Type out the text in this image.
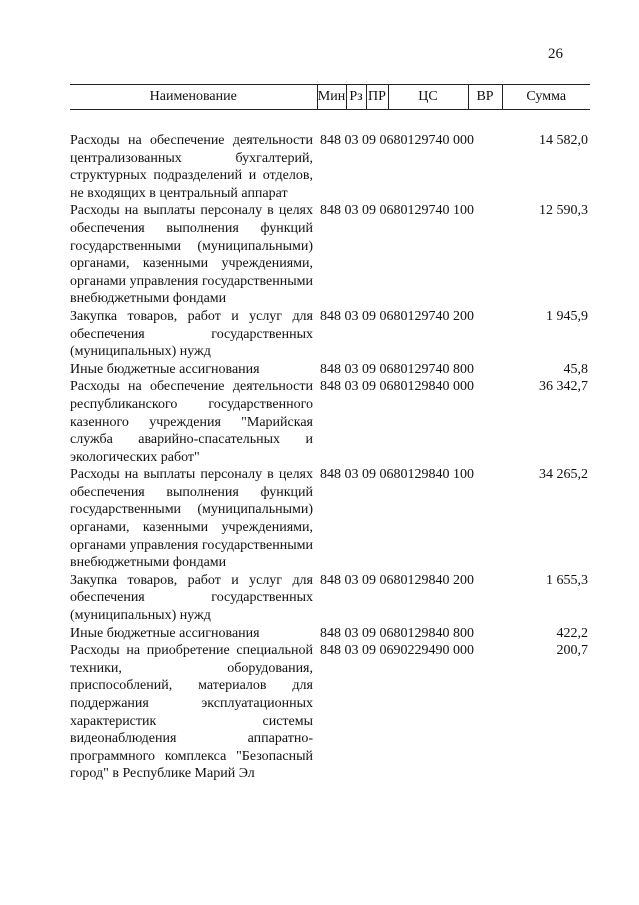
26
Наименование	Мин	Рз	ПР	ЦС	ВР	Сумма

Расходы на обеспечение деятельности централизованных бухгалтерий, структурных подразделений и отделов, не входящих в центральный аппарат	848 03 09 0680129740 000					14 582,0
Расходы на выплаты персоналу в целях обеспечения выполнения функций государственными (муниципальными) органами, казенными учреждениями, органами управления государственными внебюджетными фондами	848 03 09 0680129740 100					12 590,3
Закупка товаров, работ и услуг для обеспечения государственных (муниципальных) нужд	848 03 09 0680129740 200					1 945,9
Иные бюджетные ассигнования	848 03 09 0680129740 800					45,8
Расходы на обеспечение деятельности республиканского государственного казенного учреждения "Марийская служба аварийно-спасательных и экологических работ"	848 03 09 0680129840 000					36 342,7
Расходы на выплаты персоналу в целях обеспечения выполнения функций государственными (муниципальными) органами, казенными учреждениями, органами управления государственными внебюджетными фондами	848 03 09 0680129840 100					34 265,2
Закупка товаров, работ и услуг для обеспечения государственных (муниципальных) нужд	848 03 09 0680129840 200					1 655,3
Иные бюджетные ассигнования	848 03 09 0680129840 800					422,2
Расходы на приобретение специальной техники, оборудования, приспособлений, материалов для поддержания эксплуатационных характеристик системы видеонаблюдения аппаратно-программного комплекса "Безопасный город" в Республике Марий Эл	848 03 09 0690229490 000					200,7
